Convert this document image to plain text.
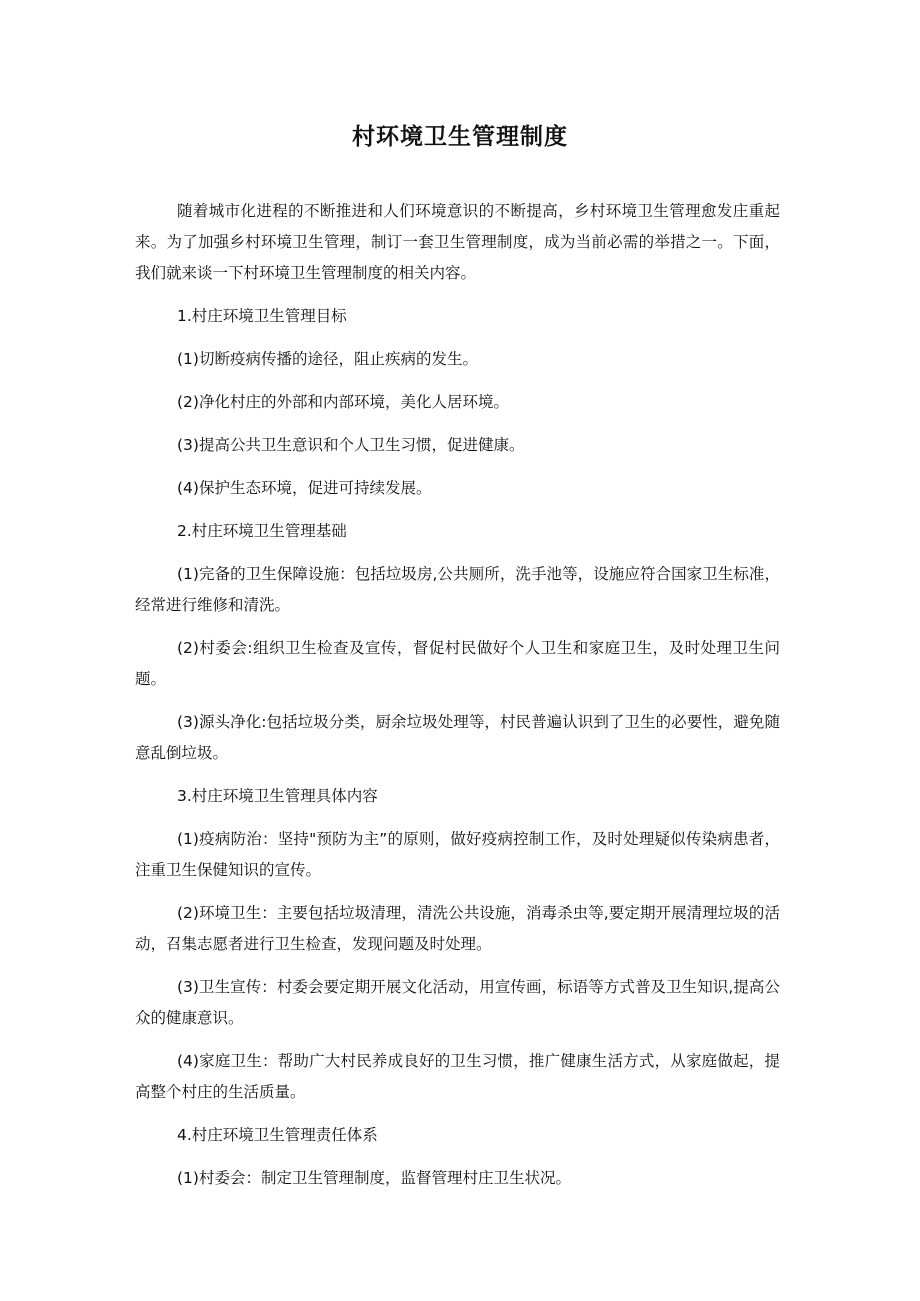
村环境卫生管理制度

随着城市化进程的不断推进和人们环境意识的不断提高，乡村环境卫生管理愈发庄重起来。为了加强乡村环境卫生管理，制订一套卫生管理制度，成为当前必需的举措之一。下面，我们就来谈一下村环境卫生管理制度的相关内容。

1.村庄环境卫生管理目标

(1)切断疫病传播的途径，阻止疾病的发生。

(2)净化村庄的外部和内部环境，美化人居环境。

(3)提高公共卫生意识和个人卫生习惯，促进健康。

(4)保护生态环境，促进可持续发展。

2.村庄环境卫生管理基础

(1)完备的卫生保障设施：包括垃圾房,公共厕所，洗手池等，设施应符合国家卫生标准，经常进行维修和清洗。

(2)村委会:组织卫生检查及宣传，督促村民做好个人卫生和家庭卫生，及时处理卫生问题。

(3)源头净化:包括垃圾分类，厨余垃圾处理等，村民普遍认识到了卫生的必要性，避免随意乱倒垃圾。

3.村庄环境卫生管理具体内容

(1)疫病防治：坚持"预防为主”的原则，做好疫病控制工作，及时处理疑似传染病患者，注重卫生保健知识的宣传。

(2)环境卫生：主要包括垃圾清理，清洗公共设施，消毒杀虫等,要定期开展清理垃圾的活动，召集志愿者进行卫生检查，发现问题及时处理。

(3)卫生宣传：村委会要定期开展文化活动，用宣传画，标语等方式普及卫生知识,提高公众的健康意识。

(4)家庭卫生：帮助广大村民养成良好的卫生习惯，推广健康生活方式，从家庭做起，提高整个村庄的生活质量。

4.村庄环境卫生管理责任体系

(1)村委会：制定卫生管理制度，监督管理村庄卫生状况。
